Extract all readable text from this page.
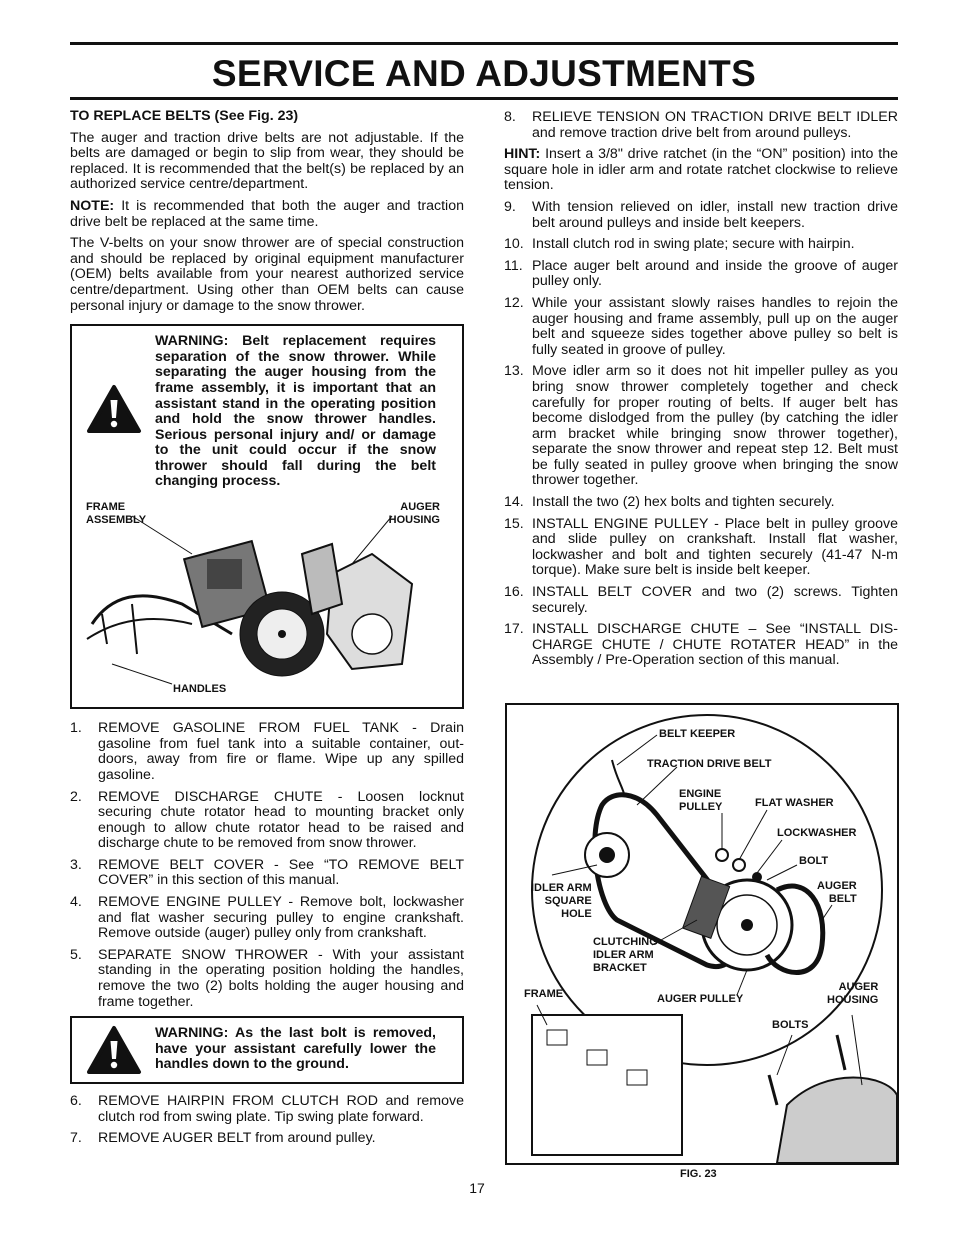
SERVICE AND ADJUSTMENTS
TO REPLACE BELTS (See Fig. 23)

The auger and traction drive belts are not adjustable. If the belts are damaged or begin to slip from wear, they should be replaced. It is recommended that the belt(s) be replaced by an authorized service centre/department.

NOTE: It is recommended that both the auger and traction drive belt be replaced at the same time.

The V-belts on your snow thrower are of special construction and should be replaced by original equipment manufacturer (OEM) belts available from your nearest authorized service centre/department. Using other than OEM belts can cause personal injury or damage to the snow thrower.

WARNING: Belt replacement requires separation of the snow thrower. While separating the auger housing from the frame assembly, it is important that an assistant stand in the operating position and hold the snow thrower handles. Serious personal injury and/ or damage to the unit could occur if the snow thrower should fall during the belt changing process.
FRAME
ASSEMBLY
AUGER
HOUSING
HANDLES
1.	REMOVE GASOLINE FROM FUEL TANK - Drain gasoline from fuel tank into a suitable container, out-doors, away from fire or flame. Wipe up any spilled gasoline.
2.	REMOVE DISCHARGE CHUTE - Loosen locknut securing chute rotator head to mounting bracket only enough to allow chute rotator head to be raised and discharge chute to be removed from snow thrower.
3.	REMOVE BELT COVER - See “TO REMOVE BELT COVER” in this section of this manual.
4.	REMOVE ENGINE PULLEY - Remove bolt, lockwasher and flat washer securing pulley to engine crankshaft. Remove outside (auger) pulley only from crankshaft.
5.	SEPARATE SNOW THROWER - With your assistant standing in the operating position holding the handles, remove the two (2) bolts holding the auger housing and frame together.
WARNING: As the last bolt is removed, have your assistant carefully lower the handles down to the ground.
6.	REMOVE HAIRPIN FROM CLUTCH ROD and remove clutch rod from swing plate. Tip swing plate forward.
7.	REMOVE AUGER BELT from around pulley.
8.	RELIEVE TENSION ON TRACTION DRIVE BELT IDLER and remove traction drive belt from around pulleys.

HINT: Insert a 3/8" drive ratchet (in the “ON” position) into the square hole in idler arm and rotate ratchet clockwise to relieve tension.

9.	With tension relieved on idler, install new traction drive belt around pulleys and inside belt keepers.
10. Install clutch rod in swing plate; secure with hairpin.
11. Place auger belt around and inside the groove of auger pulley only.
12. While your assistant slowly raises handles to rejoin the auger housing and frame assembly, pull up on the auger belt and squeeze sides together above pulley so belt is fully seated in groove of pulley.
13. Move idler arm so it does not hit impeller pulley as you bring snow thrower completely together and check carefully for proper routing of belts. If auger belt has become dislodged from the pulley (by catching the idler arm bracket while bringing snow thrower together), separate the snow thrower and repeat step 12. Belt must be fully seated in pulley groove when bringing the snow thrower together.
14. Install the two (2) hex bolts and tighten securely.
15. INSTALL ENGINE PULLEY - Place belt in pulley groove and slide pulley on crankshaft. Install flat washer, lockwasher and bolt and tighten securely (41-47 N-m torque). Make sure belt is inside belt keeper.
16. INSTALL BELT COVER and two (2) screws. Tighten securely.
17. INSTALL DISCHARGE CHUTE – See “INSTALL DIS-CHARGE CHUTE / CHUTE ROTATER HEAD” in the Assembly / Pre-Operation section of this manual.
BELT KEEPER
TRACTION DRIVE BELT
ENGINE
PULLEY	FLAT WASHER
LOCKWASHER
BOLT
AUGER
BELT
IDLER ARM
SQUARE
HOLE
CLUTCHING
IDLER ARM
BRACKET
FRAME	AUGER PULLEY
AUGER
HOUSING
BOLTS
FIG. 23
17
